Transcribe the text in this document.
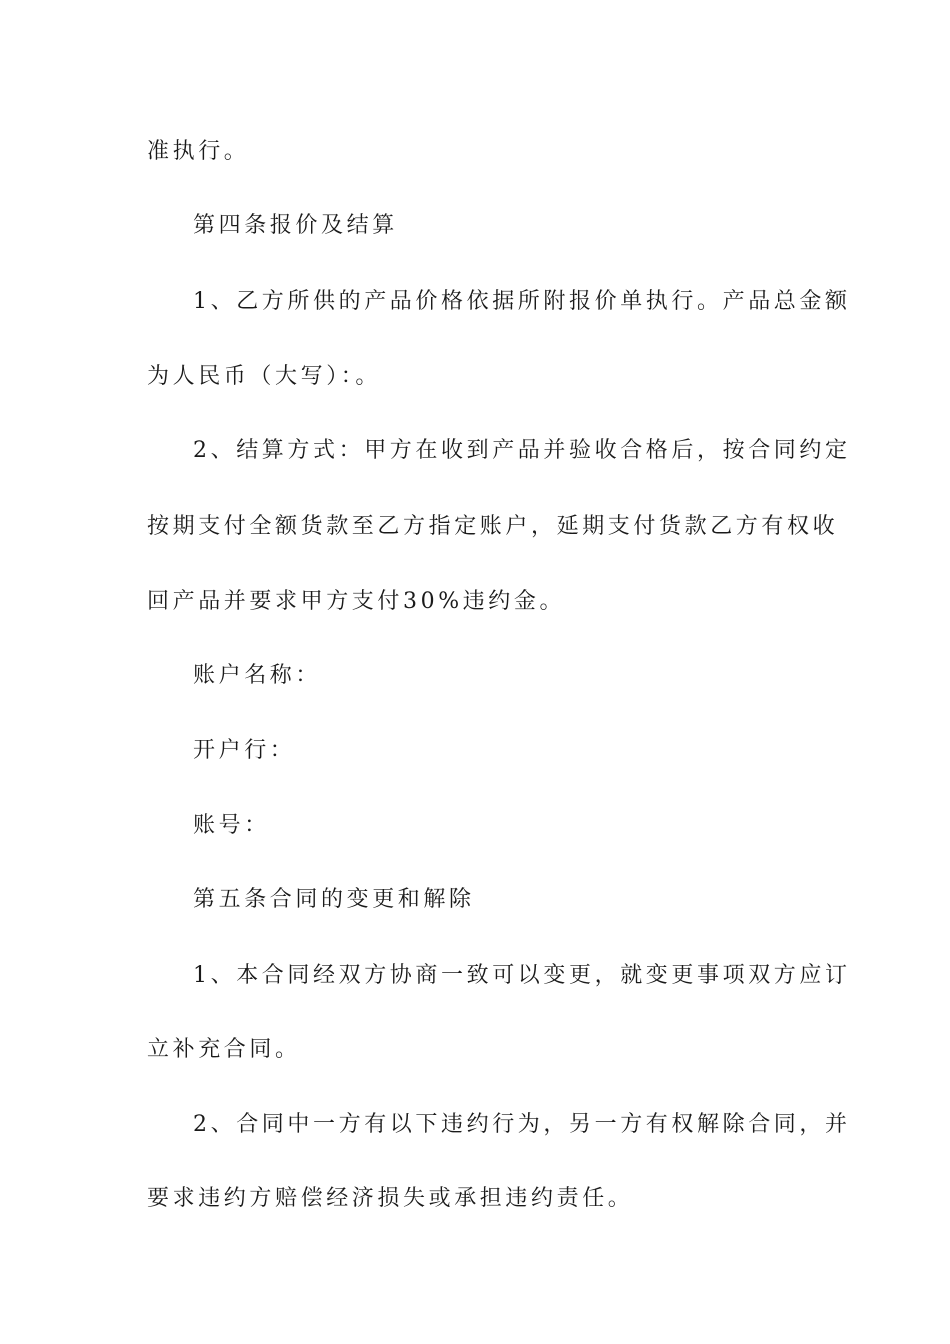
准执行。
第四条报价及结算
1、乙方所供的产品价格依据所附报价单执行。产品总金额
为人民币（大写）：。
2、结算方式：甲方在收到产品并验收合格后，按合同约定
按期支付全额货款至乙方指定账户，延期支付货款乙方有权收
回产品并要求甲方支付30%违约金。
账户名称：
开户行：
账号：
第五条合同的变更和解除
1、本合同经双方协商一致可以变更，就变更事项双方应订
立补充合同。
2、合同中一方有以下违约行为，另一方有权解除合同，并
要求违约方赔偿经济损失或承担违约责任。
